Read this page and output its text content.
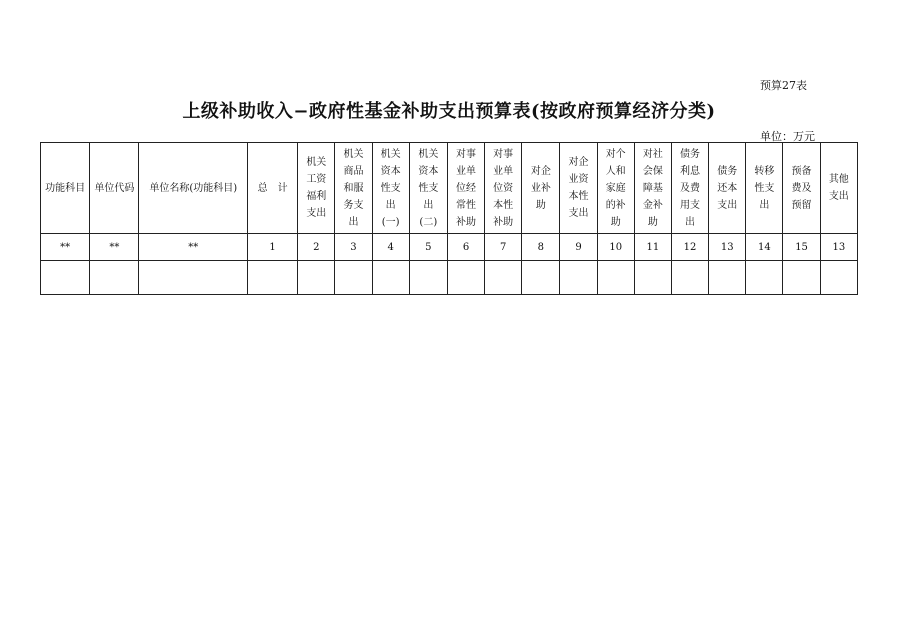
预算27表
上级补助收入−政府性基金补助支出预算表(按政府预算经济分类)
单位：万元
功能科目	单位代码	单位名称(功能科目)	总　计	机关工资福利支出	机关商品和服务支出	机关资本性支出(一)	机关资本性支出(二)	对事业单位经常性补助	对事业单位资本性补助	对企业补助	对企业资本性支出	对个人和家庭的补助	对社会保障基金补助	债务利息及费用支出	债务还本支出	转移性支出	预备费及预留	其他支出
**	**	**	1	2	3	4	5	6	7	8	9	10	11	12	13	14	15	13
